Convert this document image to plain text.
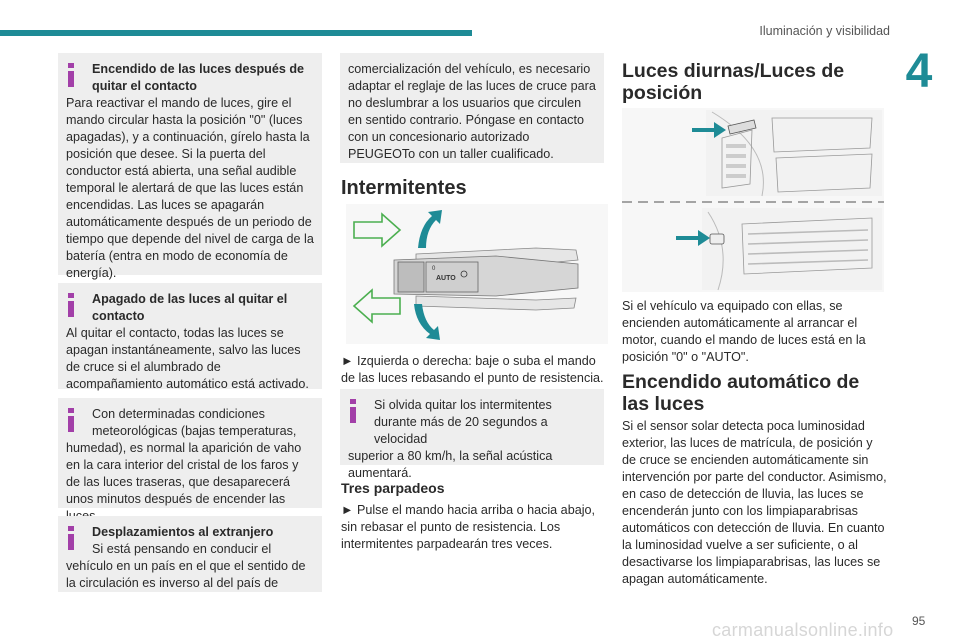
Iluminación y visibilidad
4

Encendido de las luces después de quitar el contacto

Para reactivar el mando de luces, gire el mando circular hasta la posición "0" (luces apagadas), y a continuación, gírelo hasta la posición que desee. Si la puerta del conductor está abierta, una señal audible temporal le alertará de que las luces están encendidas. Las luces se apagarán automáticamente después de un periodo de tiempo que depende del nivel de carga de la batería (entra en modo de economía de energía).

Apagado de las luces al quitar el contacto

Al quitar el contacto, todas las luces se apagan instantáneamente, salvo las luces de cruce si el alumbrado de acompañamiento automático está activado.

Con determinadas condiciones meteorológicas (bajas temperaturas,

humedad), es normal la aparición de vaho en la cara interior del cristal de los faros y de las luces traseras, que desaparecerá unos minutos después de encender las

Desplazamientos al extranjero

Si está pensando en conducir el

vehículo en un país en el que el sentido de la circulación es inverso al del país de

comercialización del vehículo, es necesario adaptar el reglaje de las luces de cruce para no deslumbrar a los usuarios que circulen en sentido contrario. Póngase en contacto con un concesionario autorizado PEUGEOTo con un taller cualificado.

Intermitentes
AUTO
0
► Izquierda o derecha: baje o suba el mando de las luces rebasando el punto de resistencia.

Si olvida quitar los intermitentes durante más de 20 segundos a velocidad

superior a 80 km/h, la señal acústica aumentará.

Tres parpadeos
► Pulse el mando hacia arriba o hacia abajo, sin rebasar el punto de resistencia. Los intermitentes parpadearán tres veces.
Luces diurnas/Luces de posición
Si el vehículo va equipado con ellas, se encienden automáticamente al arrancar el motor, cuando el mando de luces está en la posición "0" o "AUTO".
Encendido automático de las luces
Si el sensor solar detecta poca luminosidad exterior, las luces de matrícula, de posición y de cruce se encienden automáticamente sin intervención por parte del conductor. Asimismo, en caso de detección de lluvia, las luces se encenderán junto con los limpiaparabrisas automáticos con detección de lluvia. En cuanto la luminosidad vuelve a ser suficiente, o al desactivarse los limpiaparabrisas, las luces se apagan automáticamente.
95
carmanualsonline.info
